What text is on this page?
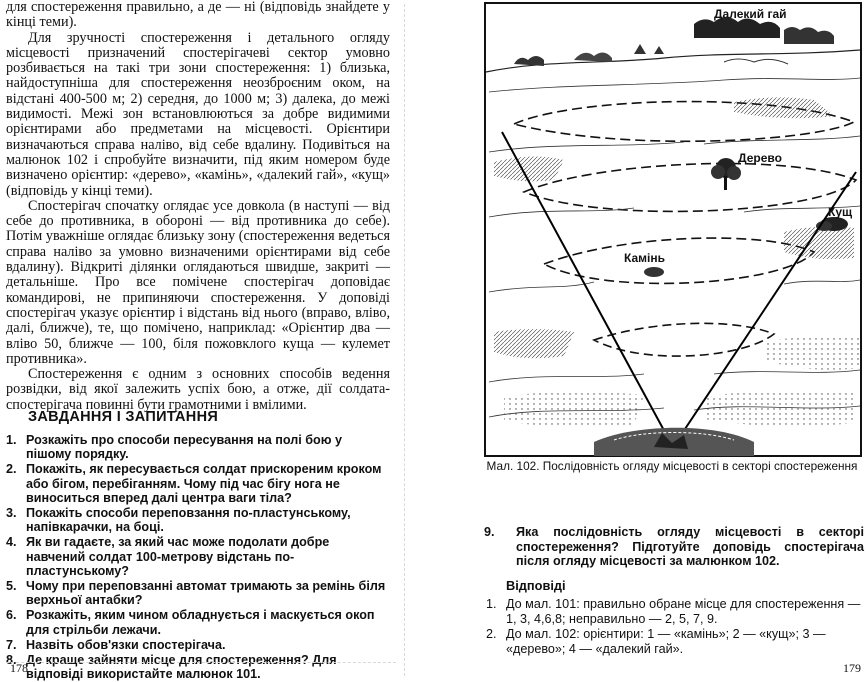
для спостереження правильно, а де — ні (відповідь знайдете у кінці теми).

Для зручності спостереження і детального огляду місцевості призначений спостерігачеві сектор умовно розбивається на такі три зони спостереження: 1) близька, найдоступніша для спостереження неозброєним оком, на відстані 400-500 м; 2) середня, до 1000 м; 3) далека, до межі видимості. Межі зон встановлюються за добре видимими орієнтирами або предметами на місцевості. Орієнтири визначаються справа наліво, від себе вдалину. Подивіться на малюнок 102 і спробуйте визначити, під яким номером буде визначено орієнтир: «дерево», «камінь», «далекий гай», «кущ» (відповідь у кінці теми).

Спостерігач спочатку оглядає усе довкола (в наступі — від себе до противника, в обороні — від противника до себе). Потім уважніше оглядає близьку зону (спостереження ведеться справа наліво за умовно визначеними орієнтирами від себе вдалину). Відкриті ділянки оглядаються швидше, закриті — детальніше. Про все помічене спостерігач доповідає командирові, не припиняючи спостереження. У доповіді спостерігач указує орієнтир і відстань від нього (вправо, вліво, далі, ближче), те, що помічено, наприклад: «Орієнтир два — вліво 50, ближче — 100, біля пожовклого куща — кулемет противника».

Спостереження є одним з основних способів ведення розвідки, від якої залежить успіх бою, а отже, дії солдата-спостерігача повинні бути грамотними і вмілими.

ЗАВДАННЯ І ЗАПИТАННЯ
1. Розкажіть про способи пересування на полі бою у пішому порядку.
2. Покажіть, як пересувається солдат прискореним кроком або бігом, перебіганням. Чому під час бігу нога не виноситься вперед далі центра ваги тіла?
3. Покажіть способи переповзання по-пластунському, напівкарачки, на боці.
4. Як ви гадаєте, за який час може подолати добре навчений солдат 100-метрову відстань по-пластунському?
5. Чому при переповзанні автомат тримають за ремінь біля верхньої антабки?
6. Розкажіть, яким чином обладнується і маскується окоп для стрільби лежачи.
7. Назвіть обов'язки спостерігача.
8. Де краще зайняти місце для спостереження? Для відповіді використайте малюнок 101.
178
Далекий гай
Дерево
Кущ
Камінь
Мал. 102. Послідовність огляду місцевості в секторі спостереження
9.	Яка послідовність огляду місцевості в секторі спостереження? Підготуйте доповідь спостерігача після огляду місцевості за малюнком 102.
Відповіді
1. До мал. 101: правильно обране місце для спостереження — 1, 3, 4,6,8; неправильно — 2, 5, 7, 9.
2. До мал. 102: орієнтири: 1 — «камінь»; 2 — «кущ»; 3 — «дерево»; 4 — «далекий гай».
179
